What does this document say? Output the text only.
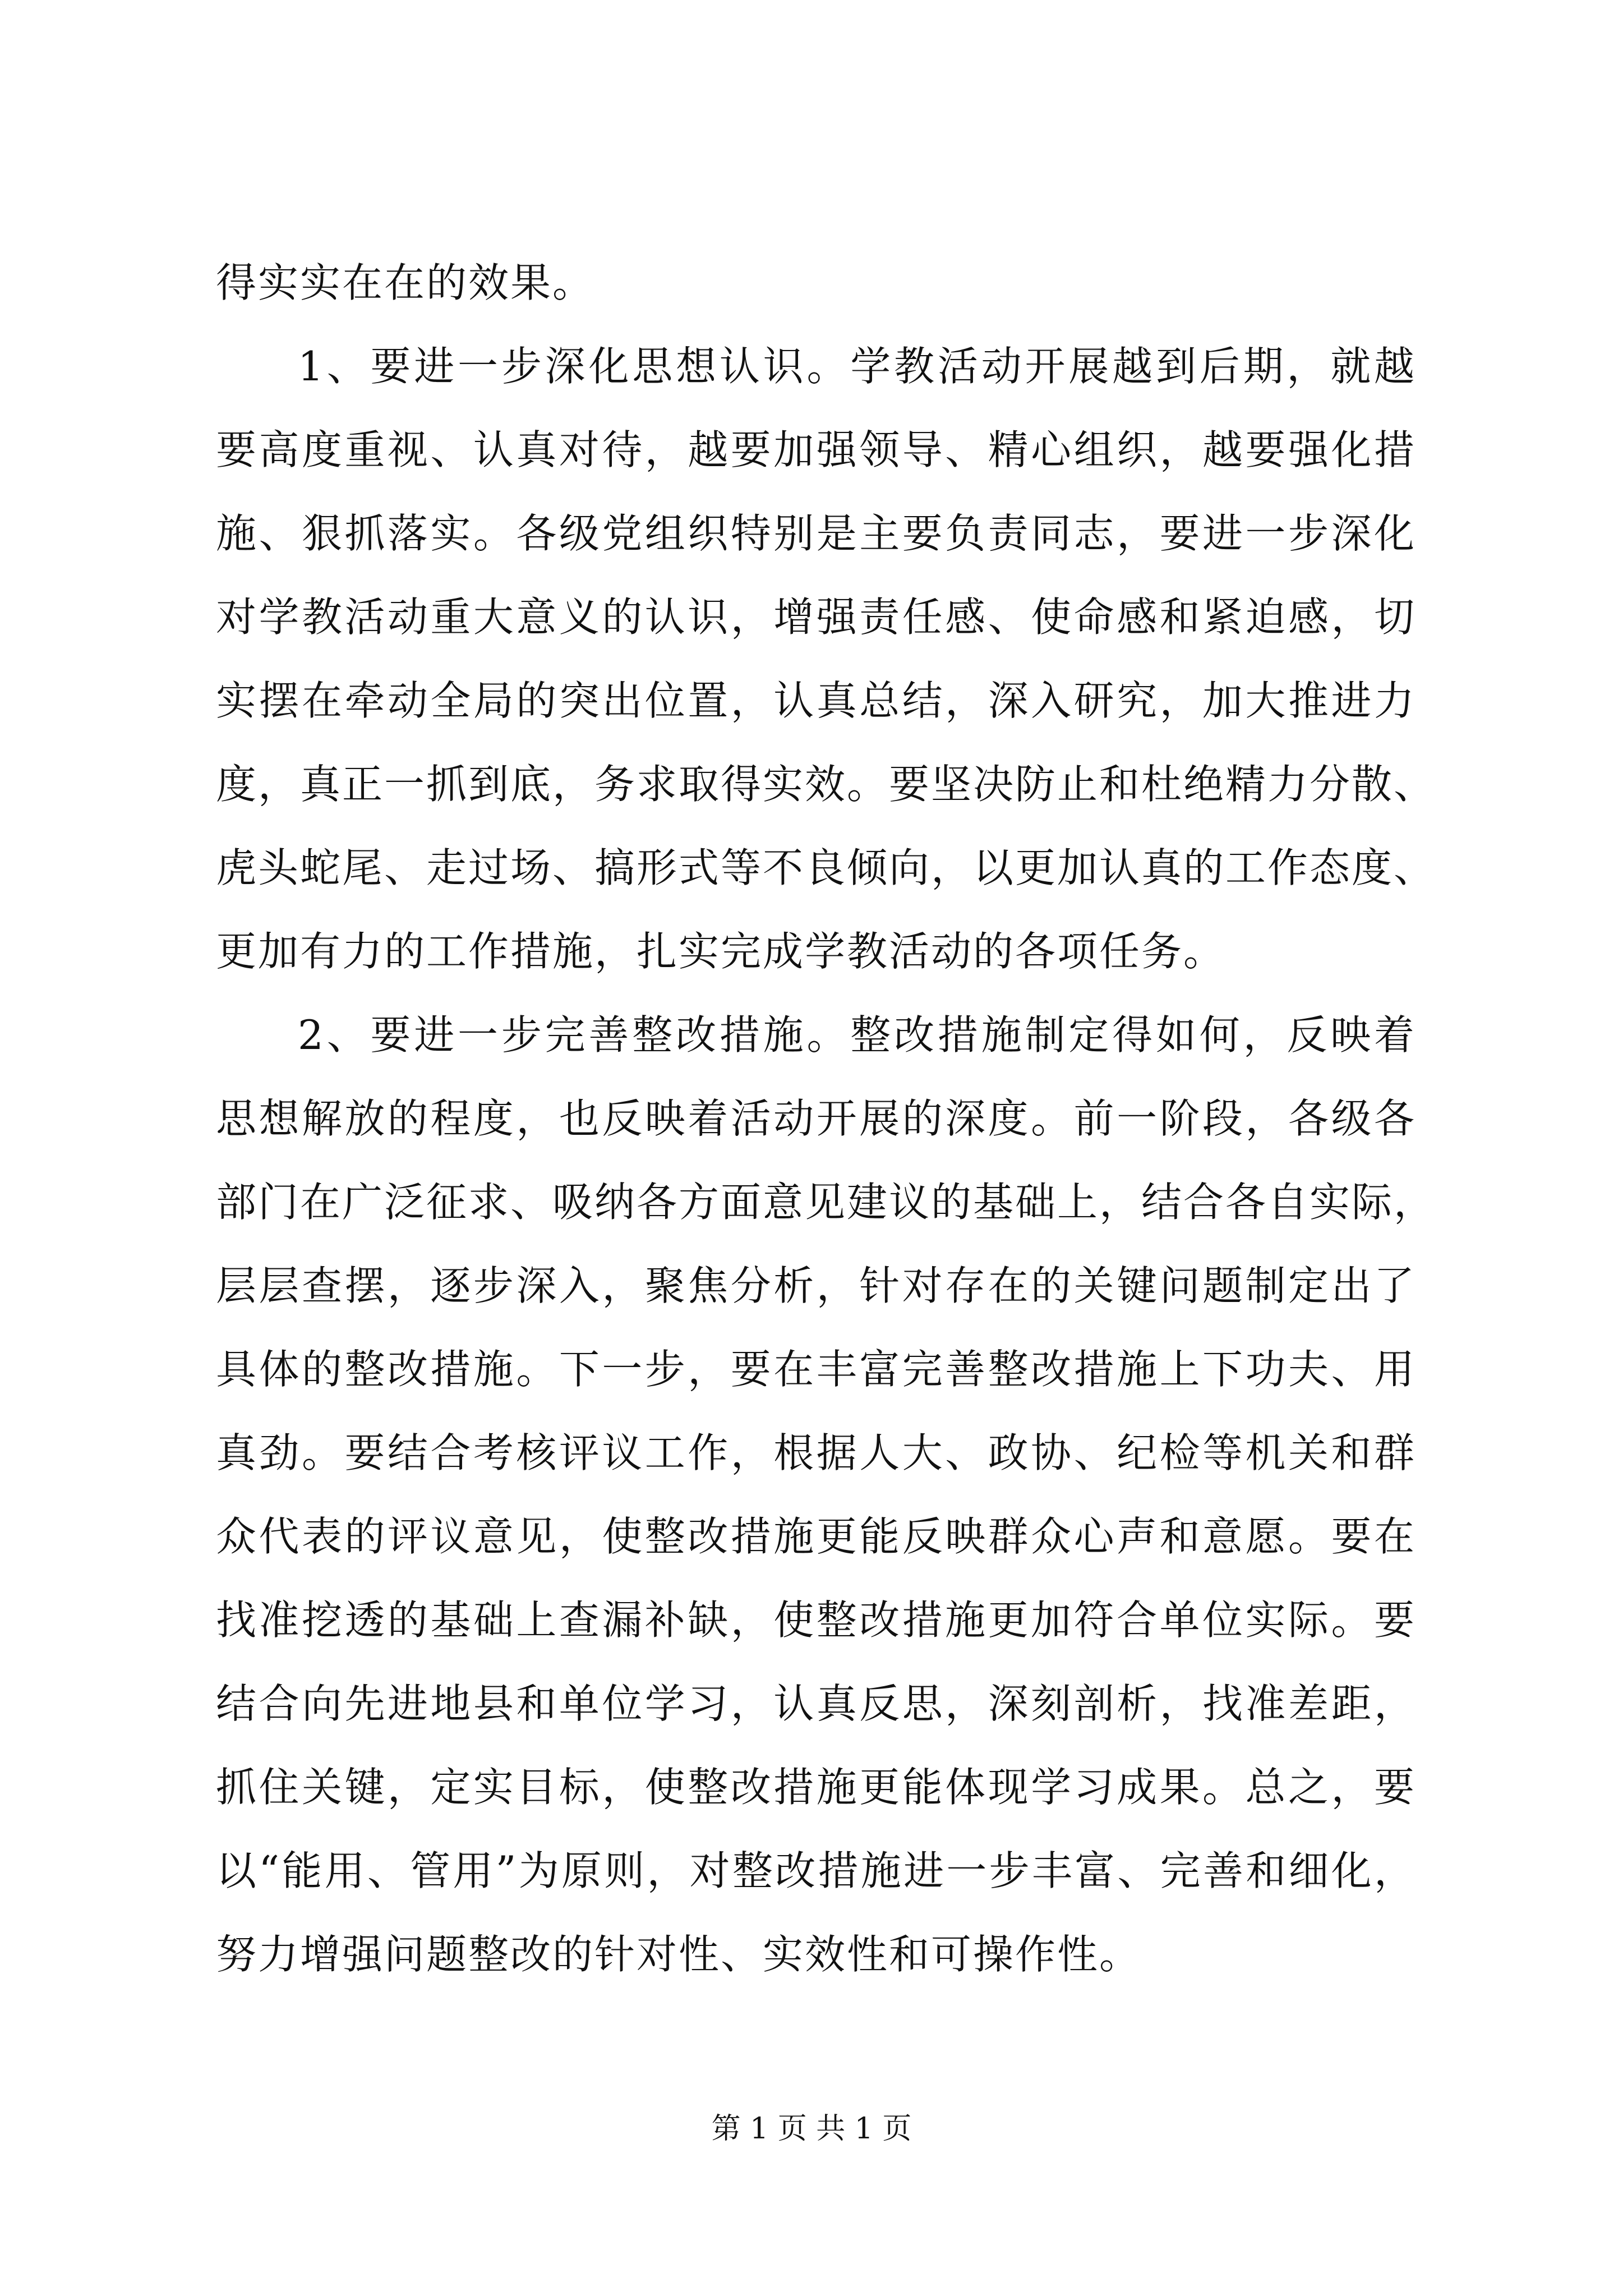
得实实在在的效果。
1、要进一步深化思想认识。学教活动开展越到后期，就越
要高度重视、认真对待，越要加强领导、精心组织，越要强化措
施、狠抓落实。各级党组织特别是主要负责同志，要进一步深化
对学教活动重大意义的认识，增强责任感、使命感和紧迫感，切
实摆在牵动全局的突出位置，认真总结，深入研究，加大推进力
度，真正一抓到底，务求取得实效。要坚决防止和杜绝精力分散、
虎头蛇尾、走过场、搞形式等不良倾向，以更加认真的工作态度、
更加有力的工作措施，扎实完成学教活动的各项任务。
2、要进一步完善整改措施。整改措施制定得如何，反映着
思想解放的程度，也反映着活动开展的深度。前一阶段，各级各
部门在广泛征求、吸纳各方面意见建议的基础上，结合各自实际，
层层查摆，逐步深入，聚焦分析，针对存在的关键问题制定出了
具体的整改措施。下一步，要在丰富完善整改措施上下功夫、用
真劲。要结合考核评议工作，根据人大、政协、纪检等机关和群
众代表的评议意见，使整改措施更能反映群众心声和意愿。要在
找准挖透的基础上查漏补缺，使整改措施更加符合单位实际。要
结合向先进地县和单位学习，认真反思，深刻剖析，找准差距，
抓住关键，定实目标，使整改措施更能体现学习成果。总之，要
以“能用、管用”为原则，对整改措施进一步丰富、完善和细化，
努力增强问题整改的针对性、实效性和可操作性。
第 1 页 共 1 页
